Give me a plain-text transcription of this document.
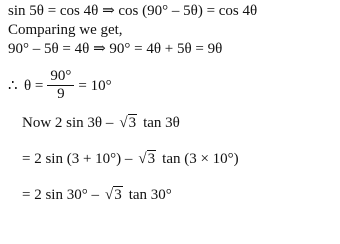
sin 5θ = cos 4θ ⇒ cos (90° – 5θ) = cos 4θ
Comparing we get,
90° – 5θ = 4θ ⇒ 90° = 4θ + 5θ = 9θ
∴ $\theta = \frac{90^\circ}{9} = 10^\circ$
Now 2 sin 3θ – √3 tan 3θ
= 2 sin (3 + 10°) – √3 tan (3 × 10°)
= 2 sin 30° – √3 tan 30°
